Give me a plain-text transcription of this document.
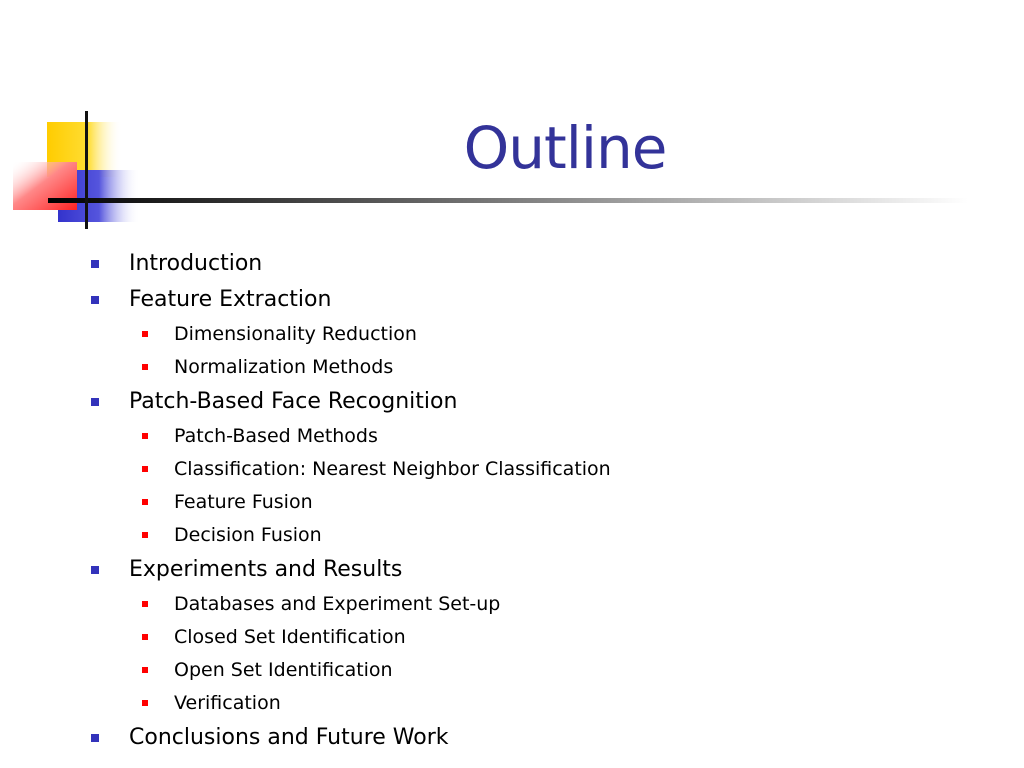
Outline
Introduction
Feature Extraction
Dimensionality Reduction
Normalization Methods
Patch-Based Face Recognition
Patch-Based Methods
Classification: Nearest Neighbor Classification
Feature Fusion
Decision Fusion
Experiments and Results
Databases and Experiment Set-up
Closed Set Identification
Open Set Identification
Verification
Conclusions and Future Work
